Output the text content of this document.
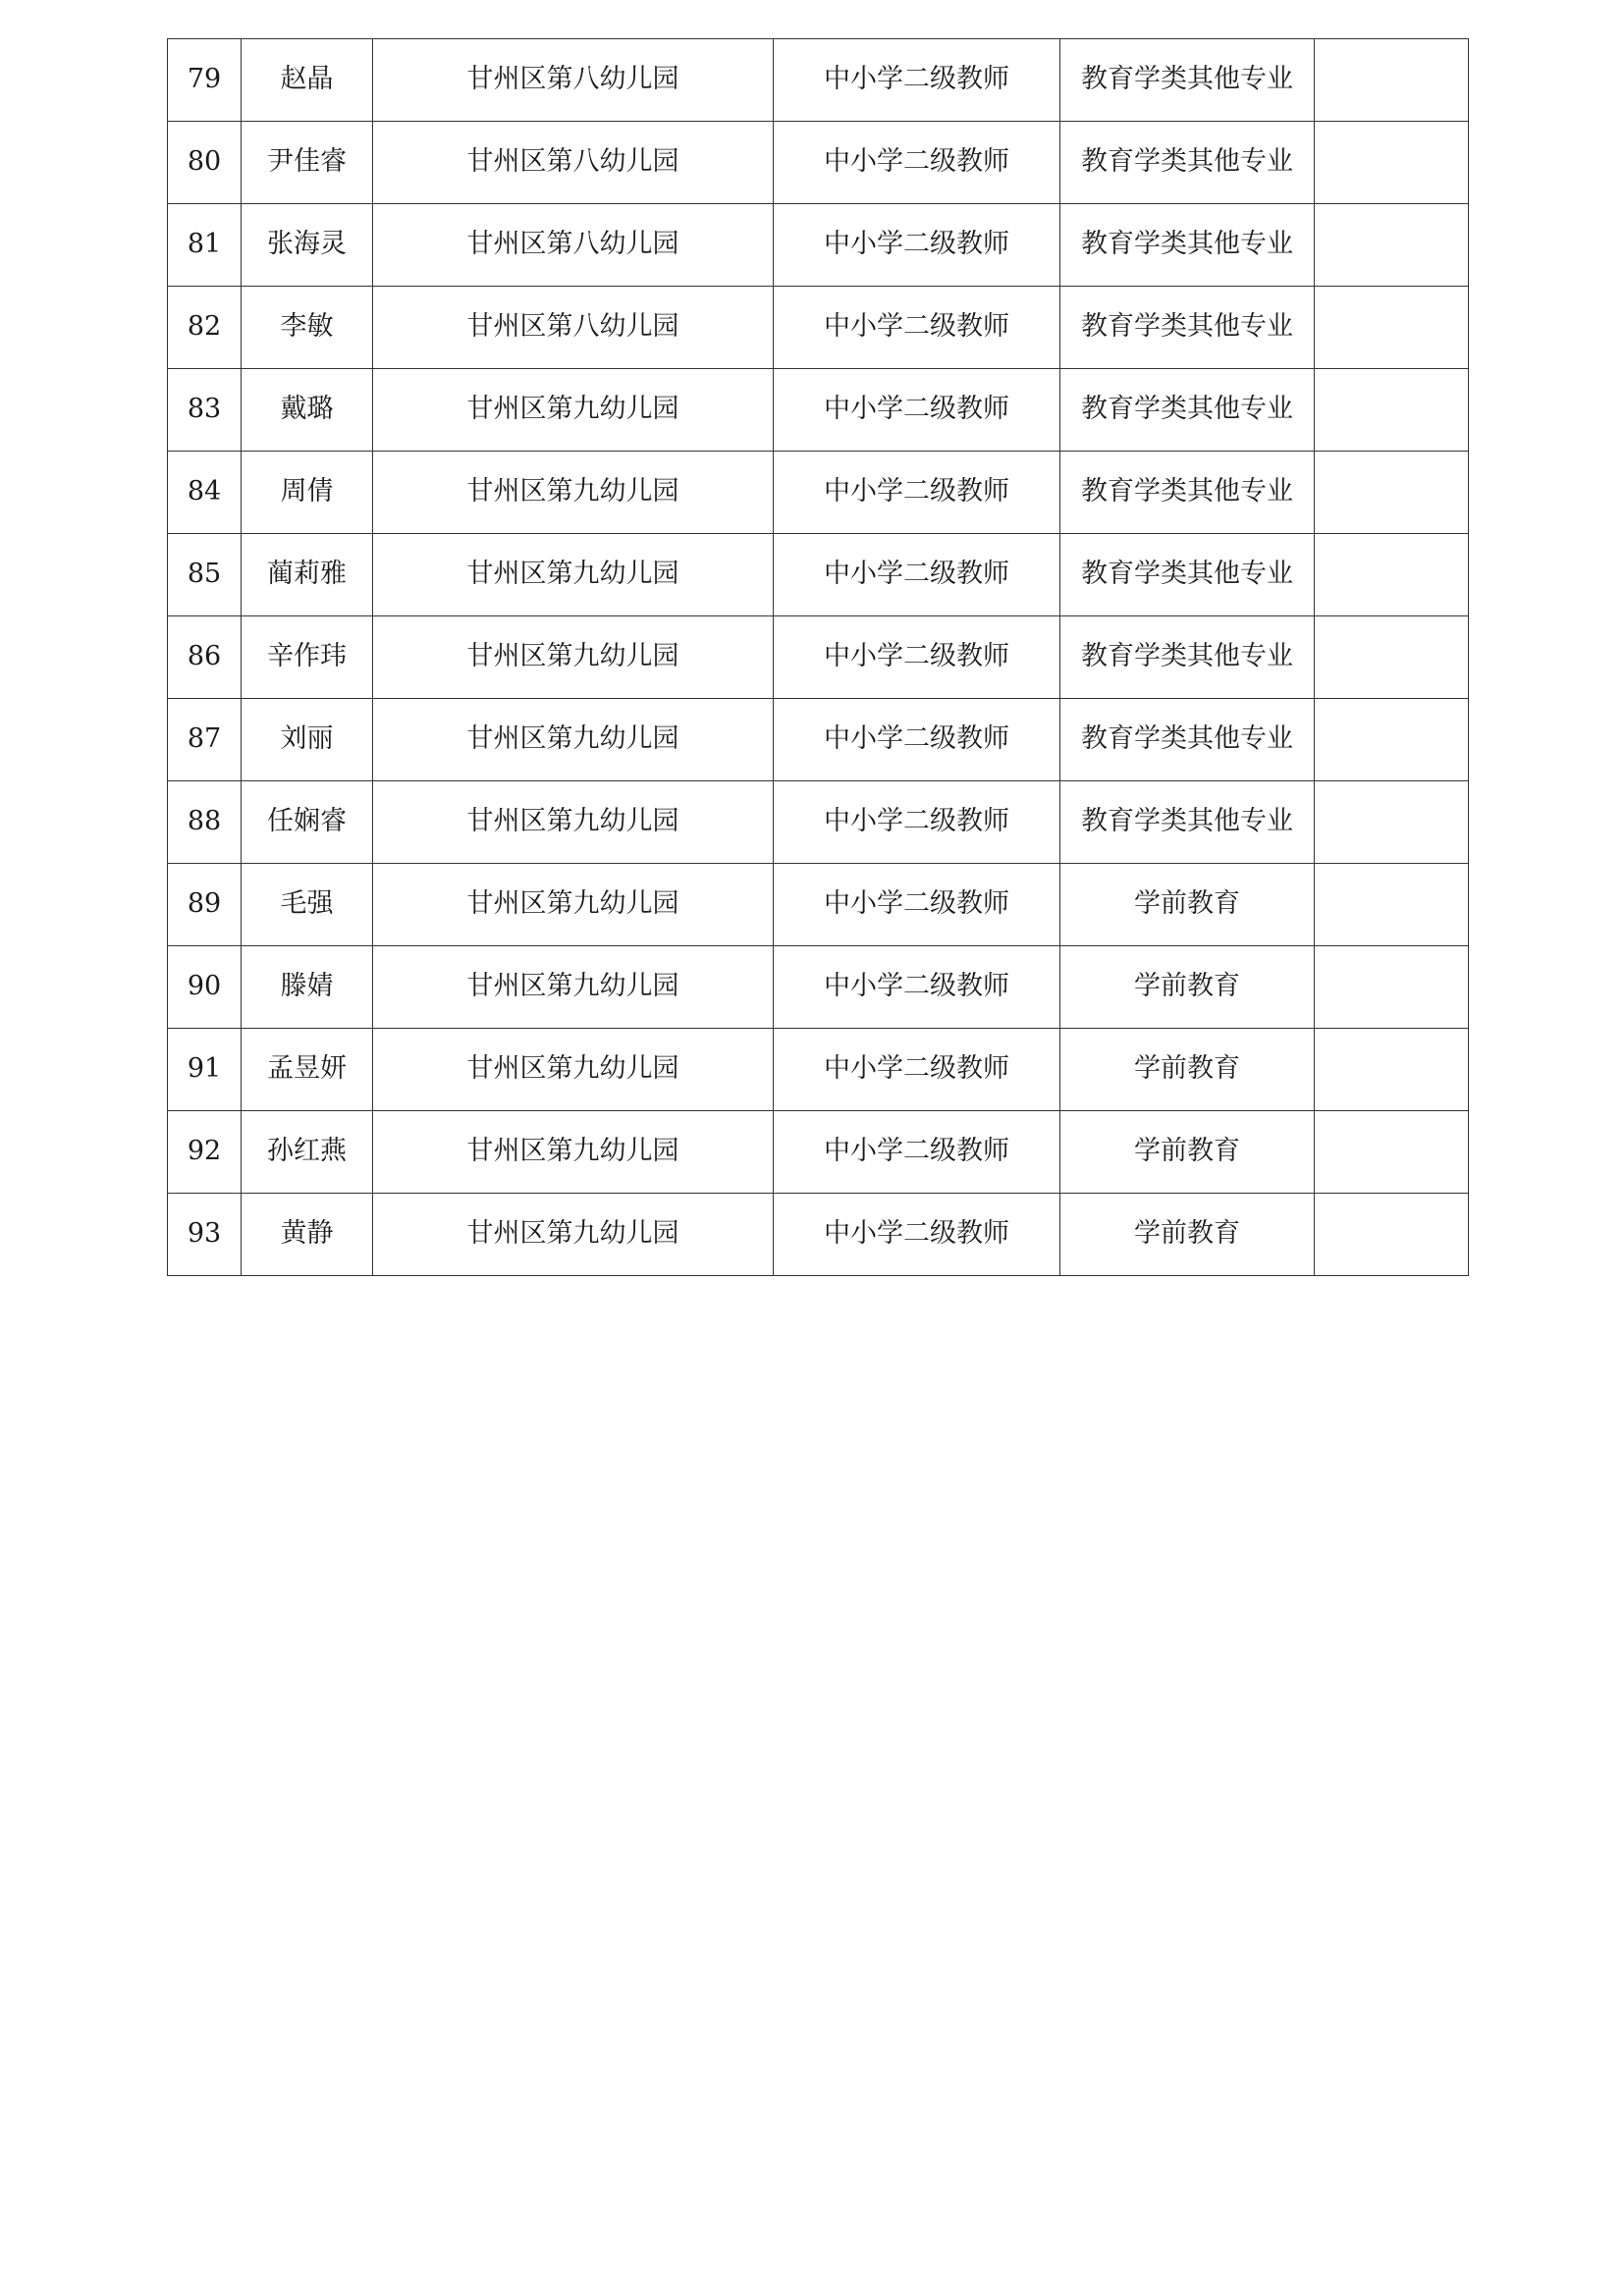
79	赵晶	甘州区第八幼儿园	中小学二级教师	教育学类其他专业	
80	尹佳睿	甘州区第八幼儿园	中小学二级教师	教育学类其他专业	
81	张海灵	甘州区第八幼儿园	中小学二级教师	教育学类其他专业	
82	李敏	甘州区第八幼儿园	中小学二级教师	教育学类其他专业	
83	戴璐	甘州区第九幼儿园	中小学二级教师	教育学类其他专业	
84	周倩	甘州区第九幼儿园	中小学二级教师	教育学类其他专业	
85	蔺莉雅	甘州区第九幼儿园	中小学二级教师	教育学类其他专业	
86	辛作玮	甘州区第九幼儿园	中小学二级教师	教育学类其他专业	
87	刘丽	甘州区第九幼儿园	中小学二级教师	教育学类其他专业	
88	任娴睿	甘州区第九幼儿园	中小学二级教师	教育学类其他专业	
89	毛强	甘州区第九幼儿园	中小学二级教师	学前教育	
90	滕婧	甘州区第九幼儿园	中小学二级教师	学前教育	
91	孟昱妍	甘州区第九幼儿园	中小学二级教师	学前教育	
92	孙红燕	甘州区第九幼儿园	中小学二级教师	学前教育	
93	黄静	甘州区第九幼儿园	中小学二级教师	学前教育	
